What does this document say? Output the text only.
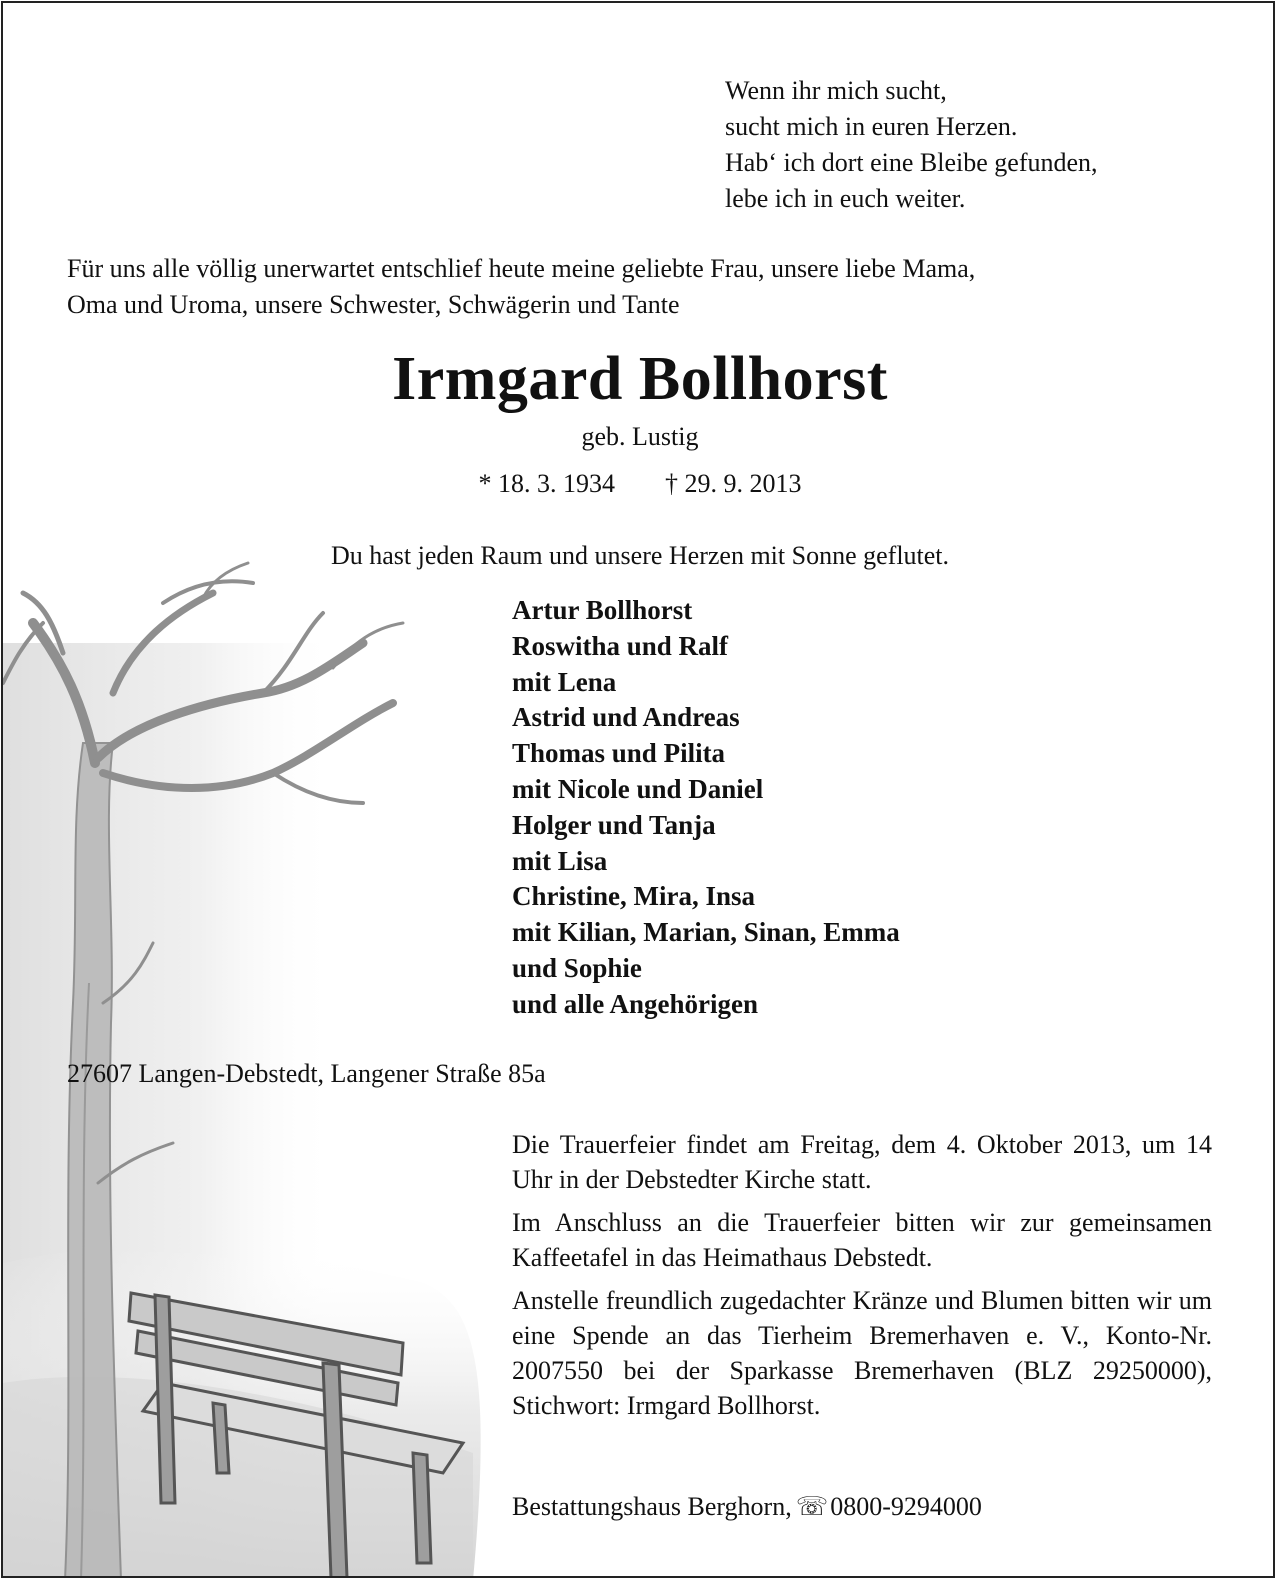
Wenn ihr mich sucht,
sucht mich in euren Herzen.
Hab‘ ich dort eine Bleibe gefunden,
lebe ich in euch weiter.
Für uns alle völlig unerwartet entschlief heute meine geliebte Frau, unsere liebe Mama,
Oma und Uroma, unsere Schwester, Schwägerin und Tante
Irmgard Bollhorst
geb. Lustig
* 18. 3. 1934 † 29. 9. 2013
Du hast jeden Raum und unsere Herzen mit Sonne geflutet.
Artur Bollhorst
Roswitha und Ralf
mit Lena
Astrid und Andreas
Thomas und Pilita
mit Nicole und Daniel
Holger und Tanja
mit Lisa
Christine, Mira, Insa
mit Kilian, Marian, Sinan, Emma
und Sophie
und alle Angehörigen
27607 Langen-Debstedt, Langener Straße 85a

Die Trauerfeier findet am Freitag, dem 4. Oktober 2013, um 14 Uhr in der Debstedter Kirche statt.

Im Anschluss an die Trauerfeier bitten wir zur gemeinsamen Kaffeetafel in das Heimathaus Debstedt.

Anstelle freundlich zugedachter Kränze und Blumen bitten wir um eine Spende an das Tierheim Bremerhaven e. V., Konto-Nr. 2007550 bei der Sparkasse Bremerhaven (BLZ 29250000), Stichwort: Irmgard Bollhorst.

Bestattungshaus Berghorn, ☏0800-9294000
